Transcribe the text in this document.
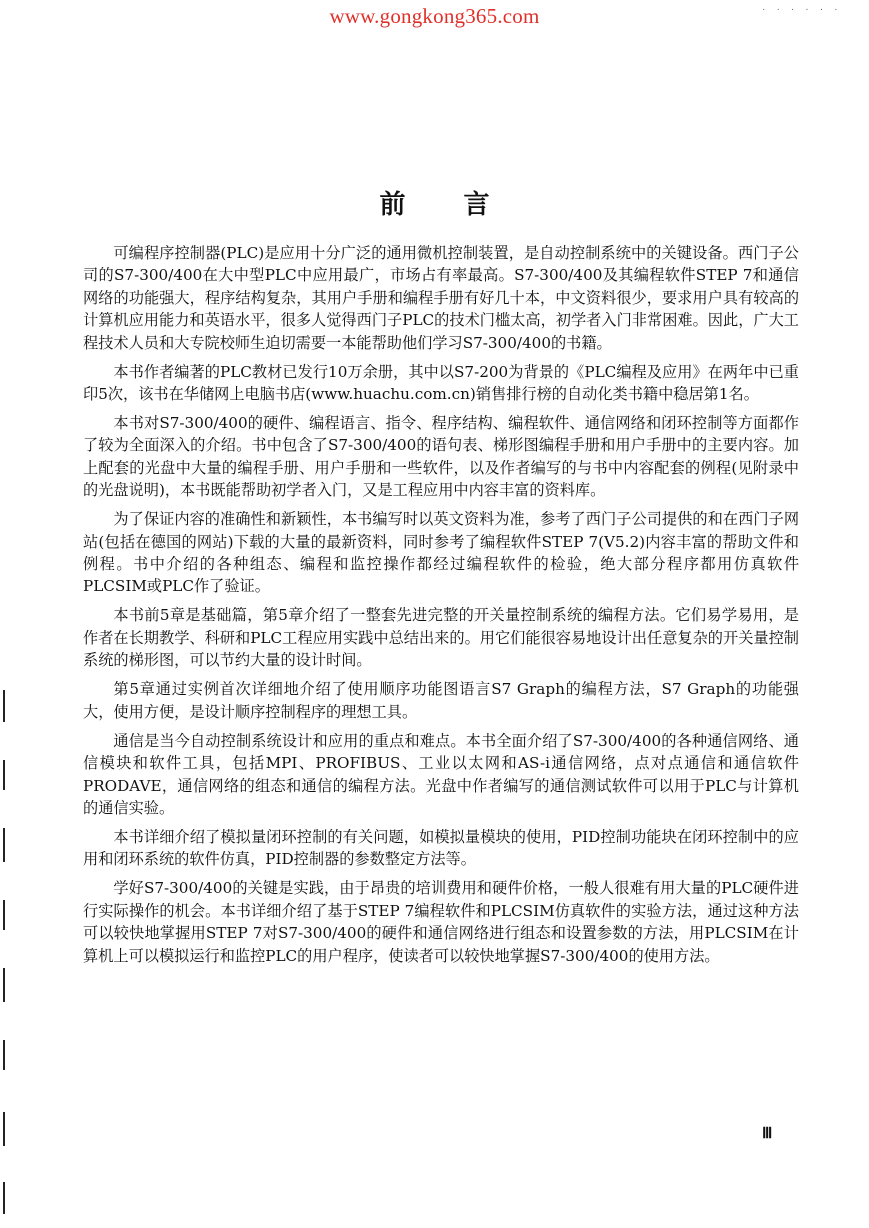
www.gongkong365.com	· · · · · ·
前言

可编程序控制器(PLC)是应用十分广泛的通用微机控制装置，是自动控制系统中的关键设备。西门子公司的S7-300/400在大中型PLC中应用最广，市场占有率最高。S7-300/400及其编程软件STEP 7和通信网络的功能强大，程序结构复杂，其用户手册和编程手册有好几十本，中文资料很少，要求用户具有较高的计算机应用能力和英语水平，很多人觉得西门子PLC的技术门槛太高，初学者入门非常困难。因此，广大工程技术人员和大专院校师生迫切需要一本能帮助他们学习S7-300/400的书籍。

本书作者编著的PLC教材已发行10万余册，其中以S7-200为背景的《PLC编程及应用》在两年中已重印5次，该书在华储网上电脑书店(www.huachu.com.cn)销售排行榜的自动化类书籍中稳居第1名。

本书对S7-300/400的硬件、编程语言、指令、程序结构、编程软件、通信网络和闭环控制等方面都作了较为全面深入的介绍。书中包含了S7-300/400的语句表、梯形图编程手册和用户手册中的主要内容。加上配套的光盘中大量的编程手册、用户手册和一些软件，以及作者编写的与书中内容配套的例程(见附录中的光盘说明)，本书既能帮助初学者入门，又是工程应用中内容丰富的资料库。

为了保证内容的准确性和新颖性，本书编写时以英文资料为准，参考了西门子公司提供的和在西门子网站(包括在德国的网站)下载的大量的最新资料，同时参考了编程软件STEP 7(V5.2)内容丰富的帮助文件和例程。书中介绍的各种组态、编程和监控操作都经过编程软件的检验，绝大部分程序都用仿真软件PLCSIM或PLC作了验证。

本书前5章是基础篇，第5章介绍了一整套先进完整的开关量控制系统的编程方法。它们易学易用，是作者在长期教学、科研和PLC工程应用实践中总结出来的。用它们能很容易地设计出任意复杂的开关量控制系统的梯形图，可以节约大量的设计时间。

第5章通过实例首次详细地介绍了使用顺序功能图语言S7 Graph的编程方法，S7 Graph的功能强大，使用方便，是设计顺序控制程序的理想工具。

通信是当今自动控制系统设计和应用的重点和难点。本书全面介绍了S7-300/400的各种通信网络、通信模块和软件工具，包括MPI、PROFIBUS、工业以太网和AS-i通信网络，点对点通信和通信软件PRODAVE，通信网络的组态和通信的编程方法。光盘中作者编写的通信测试软件可以用于PLC与计算机的通信实验。

本书详细介绍了模拟量闭环控制的有关问题，如模拟量模块的使用，PID控制功能块在闭环控制中的应用和闭环系统的软件仿真，PID控制器的参数整定方法等。

学好S7-300/400的关键是实践，由于昂贵的培训费用和硬件价格，一般人很难有用大量的PLC硬件进行实际操作的机会。本书详细介绍了基于STEP 7编程软件和PLCSIM仿真软件的实验方法，通过这种方法可以较快地掌握用STEP 7对S7-300/400的硬件和通信网络进行组态和设置参数的方法，用PLCSIM在计算机上可以模拟运行和监控PLC的用户程序，使读者可以较快地掌握S7-300/400的使用方法。

Ⅲ
